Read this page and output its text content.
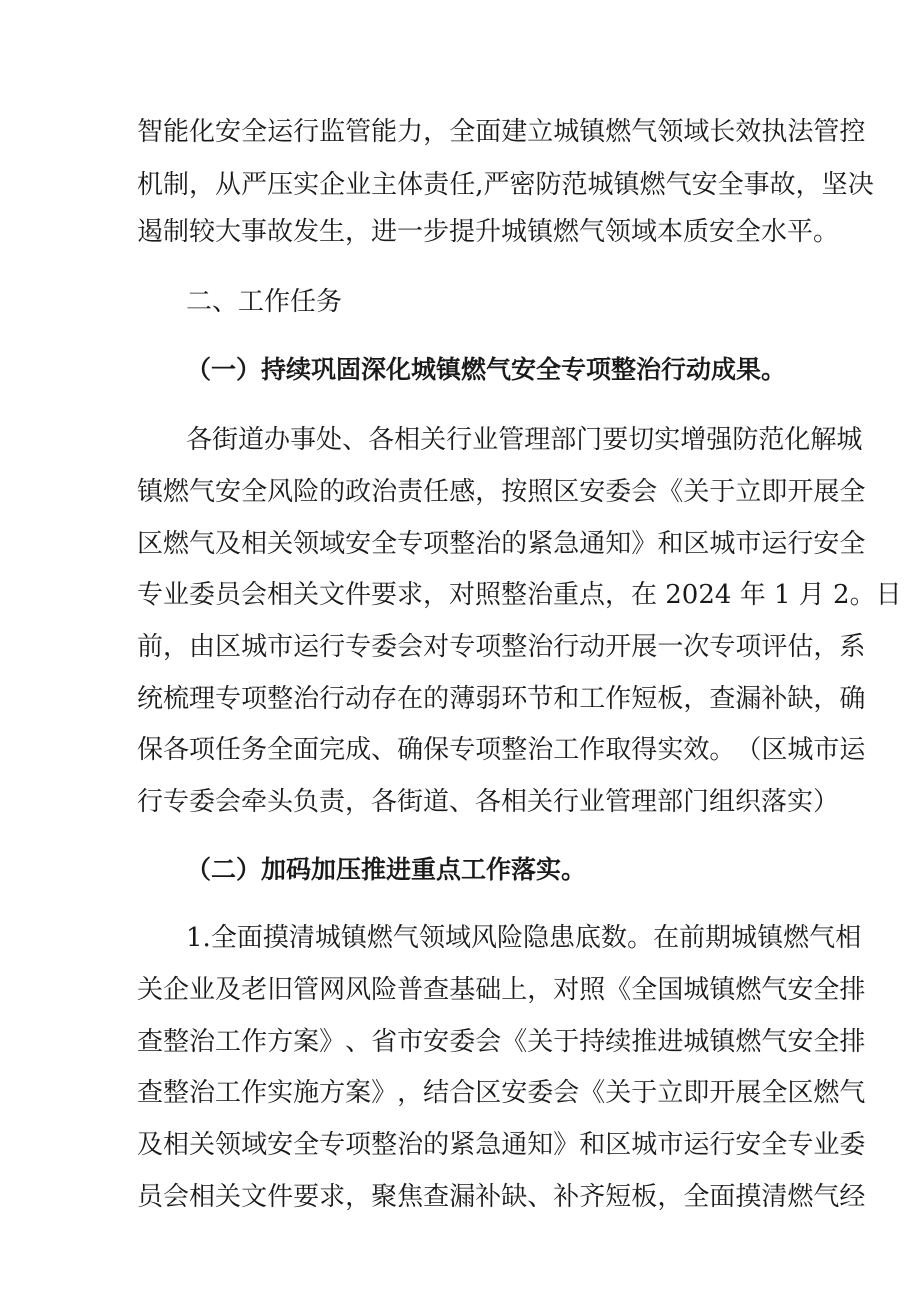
智 能 化 安 全 运 行 监 管 能 力 ， 全 面 建 立 城 镇 燃 气 领 域 长 效 执 法 管 控
机 制 ， 从 严 压 实 企 业 主 体 责 任 , 严 密 防 范 城 镇 燃 气 安 全 事 故 ， 坚 决
遏制较大事故发生，进一步提升城镇燃气领域本质安全水平。
二、工作任务
（一）持续巩固深化城镇燃气安全专项整治行动成果。
各 街 道 办 事 处 、 各 相 关 行 业 管 理 部 门 要 切 实 增 强 防 范 化 解 城
镇 燃 气 安 全 风 险 的 政 治 责 任 感 ， 按 照 区 安 委 会 《 关 于 立 即 开 展 全
区 燃 气 及 相 关 领 域 安 全 专 项 整 治 的 紧 急 通 知 》 和 区 城 市 运 行 安 全
专业委员会相关文件要求，对照整治重点，在 2024 年 1 月 2。日
前 ， 由 区 城 市 运 行 专 委 会 对 专 项 整 治 行 动 开 展 一 次 专 项 评 估 ， 系
统 梳 理 专 项 整 治 行 动 存 在 的 薄 弱 环 节 和 工 作 短 板 ， 查 漏 补 缺 ， 确
保 各 项 任 务 全 面 完 成 、 确 保 专 项 整 治 工 作 取 得 实 效 。 （ 区 城 市 运
行专委会牵头负责，各街道、各相关行业管理部门组织落实）
（二）加码加压推进重点工作落实。
1 . 全 面 摸 清 城 镇 燃 气 领 域 风 险 隐 患 底 数 。 在 前 期 城 镇 燃 气 相
关 企 业 及 老 旧 管 网 风 险 普 查 基 础 上 ， 对 照 《 全 国 城 镇 燃 气 安 全 排
查 整 治 工 作 方 案 》 、 省 市 安 委 会 《 关 于 持 续 推 进 城 镇 燃 气 安 全 排
查 整 治 工 作 实 施 方 案 》 ， 结 合 区 安 委 会 《 关 于 立 即 开 展 全 区 燃 气
及 相 关 领 域 安 全 专 项 整 治 的 紧 急 通 知 》 和 区 城 市 运 行 安 全 专 业 委
员 会 相 关 文 件 要 求 ， 聚 焦 查 漏 补 缺 、 补 齐 短 板 ， 全 面 摸 清 燃 气 经
